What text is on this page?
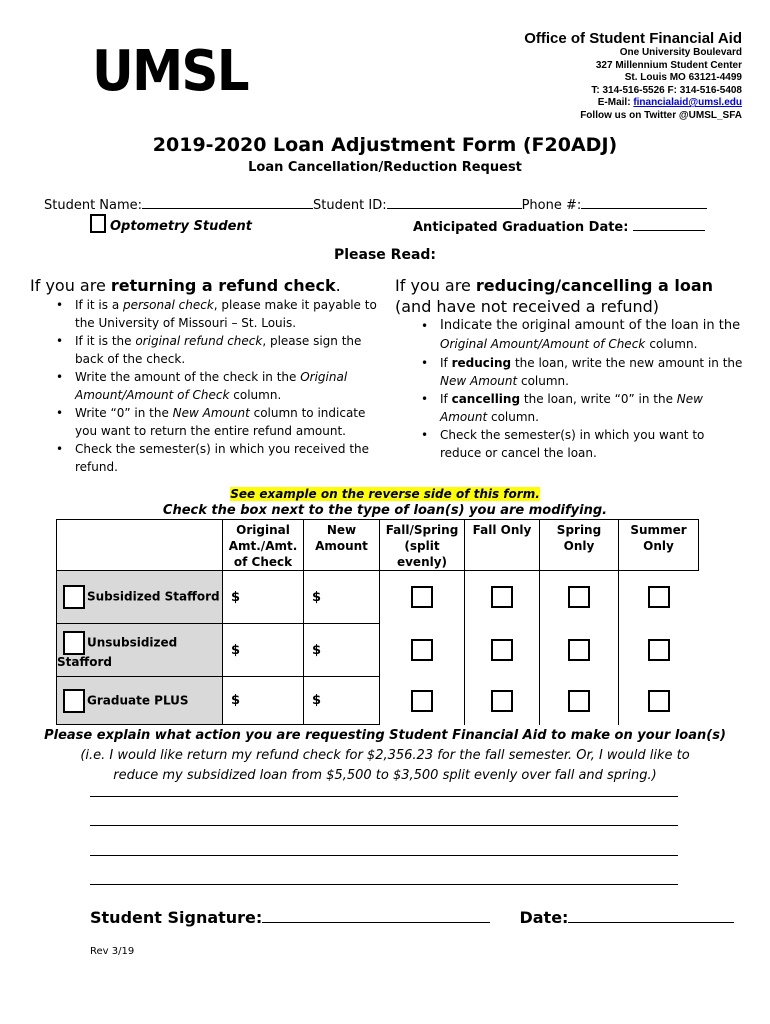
UMSL
Office of Student Financial Aid
One University Boulevard
327 Millennium Student Center
St. Louis MO 63121-4499
T: 314-516-5526 F: 314-516-5408
E-Mail: financialaid@umsl.edu
Follow us on Twitter @UMSL_SFA
2019-2020 Loan Adjustment Form (F20ADJ)
Loan Cancellation/Reduction Request
Student Name:	Student ID:	Phone #:
Optometry Student	Anticipated Graduation Date:
Please Read:
If you are returning a refund check.
• If it is a personal check, please make it payable to the University of Missouri – St. Louis.
• If it is the original refund check, please sign the back of the check.
• Write the amount of the check in the Original Amount/Amount of Check column.
• Write “0” in the New Amount column to indicate you want to return the entire refund amount.
• Check the semester(s) in which you received the refund.
If you are reducing/cancelling a loan (and have not received a refund)
• Indicate the original amount of the loan in the
Original Amount/Amount of Check column.
• If reducing the loan, write the new amount in the New Amount column.
• If cancelling the loan, write “0” in the New Amount column.
• Check the semester(s) in which you want to reduce or cancel the loan.
See example on the reverse side of this form.
Check the box next to the type of loan(s) you are modifying.
	Original Amt./Amt. of Check	New Amount	Fall/Spring (split evenly)	Fall Only	Spring Only	Summer Only
Subsidized Stafford	$	$				
Unsubsidized Stafford	$	$				
Graduate PLUS	$	$				
Please explain what action you are requesting Student Financial Aid to make on your loan(s)
(i.e. I would like return my refund check for $2,356.23 for the fall semester. Or, I would like to
reduce my subsidized loan from $5,500 to $3,500 split evenly over fall and spring.)
Student Signature:	Date:
Rev 3/19
